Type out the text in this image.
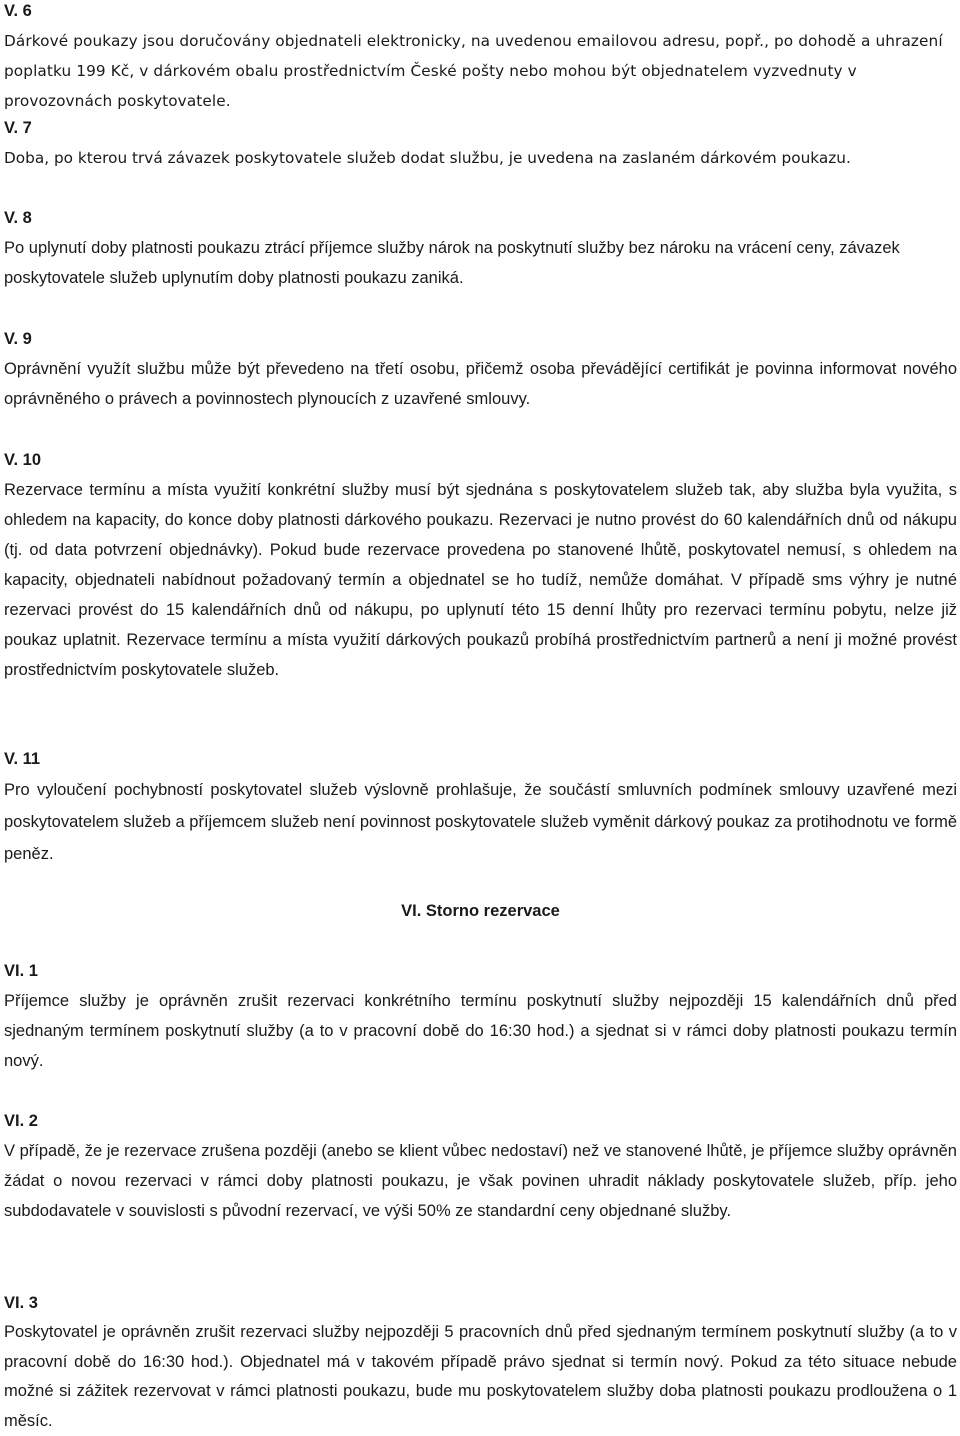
V. 6
Dárkové poukazy jsou doručovány objednateli elektronicky, na uvedenou emailovou adresu, popř., po dohodě a uhrazení poplatku 199 Kč, v dárkovém obalu prostřednictvím České pošty nebo mohou být objednatelem vyzvednuty v provozovnách poskytovatele.
V. 7
Doba, po kterou trvá závazek poskytovatele služeb dodat službu, je uvedena na zaslaném dárkovém poukazu.
V. 8
Po uplynutí doby platnosti poukazu ztrácí příjemce služby nárok na poskytnutí služby bez nároku na vrácení ceny, závazek poskytovatele služeb uplynutím doby platnosti poukazu zaniká.
V. 9
Oprávnění využít službu může být převedeno na třetí osobu, přičemž osoba převádějící certifikát je povinna informovat nového oprávněného o právech a povinnostech plynoucích z uzavřené smlouvy.
V. 10
Rezervace termínu a místa využití konkrétní služby musí být sjednána s poskytovatelem služeb tak, aby služba byla využita, s ohledem na kapacity, do konce doby platnosti dárkového poukazu. Rezervaci je nutno provést do 60 kalendářních dnů od nákupu (tj. od data potvrzení objednávky). Pokud bude rezervace provedena po stanovené lhůtě, poskytovatel nemusí, s ohledem na kapacity, objednateli nabídnout požadovaný termín a objednatel se ho tudíž, nemůže domáhat. V případě sms výhry je nutné rezervaci provést do 15 kalendářních dnů od nákupu, po uplynutí této 15 denní lhůty pro rezervaci termínu pobytu, nelze již poukaz uplatnit. Rezervace termínu a místa využití dárkových poukazů probíhá prostřednictvím partnerů a není ji možné provést prostřednictvím poskytovatele služeb.
V. 11
Pro vyloučení pochybností poskytovatel služeb výslovně prohlašuje, že součástí smluvních podmínek smlouvy uzavřené mezi poskytovatelem služeb a příjemcem služeb není povinnost poskytovatele služeb vyměnit dárkový poukaz za protihodnotu ve formě peněz.
VI. Storno rezervace
VI. 1
Příjemce služby je oprávněn zrušit rezervaci konkrétního termínu poskytnutí služby nejpozději 15 kalendářních dnů před sjednaným termínem poskytnutí služby (a to v pracovní době do 16:30 hod.) a sjednat si v rámci doby platnosti poukazu termín nový.
VI. 2
V případě, že je rezervace zrušena později (anebo se klient vůbec nedostaví) než ve stanovené lhůtě, je příjemce služby oprávněn žádat o novou rezervaci v rámci doby platnosti poukazu, je však povinen uhradit náklady poskytovatele služeb, příp. jeho subdodavatele v souvislosti s původní rezervací, ve výši 50% ze standardní ceny objednané služby.
VI. 3
Poskytovatel je oprávněn zrušit rezervaci služby nejpozději 5 pracovních dnů před sjednaným termínem poskytnutí služby (a to v pracovní době do 16:30 hod.). Objednatel má v takovém případě právo sjednat si termín nový. Pokud za této situace nebude možné si zážitek rezervovat v rámci platnosti poukazu, bude mu poskytovatelem služby doba platnosti poukazu prodloužena o 1 měsíc.
